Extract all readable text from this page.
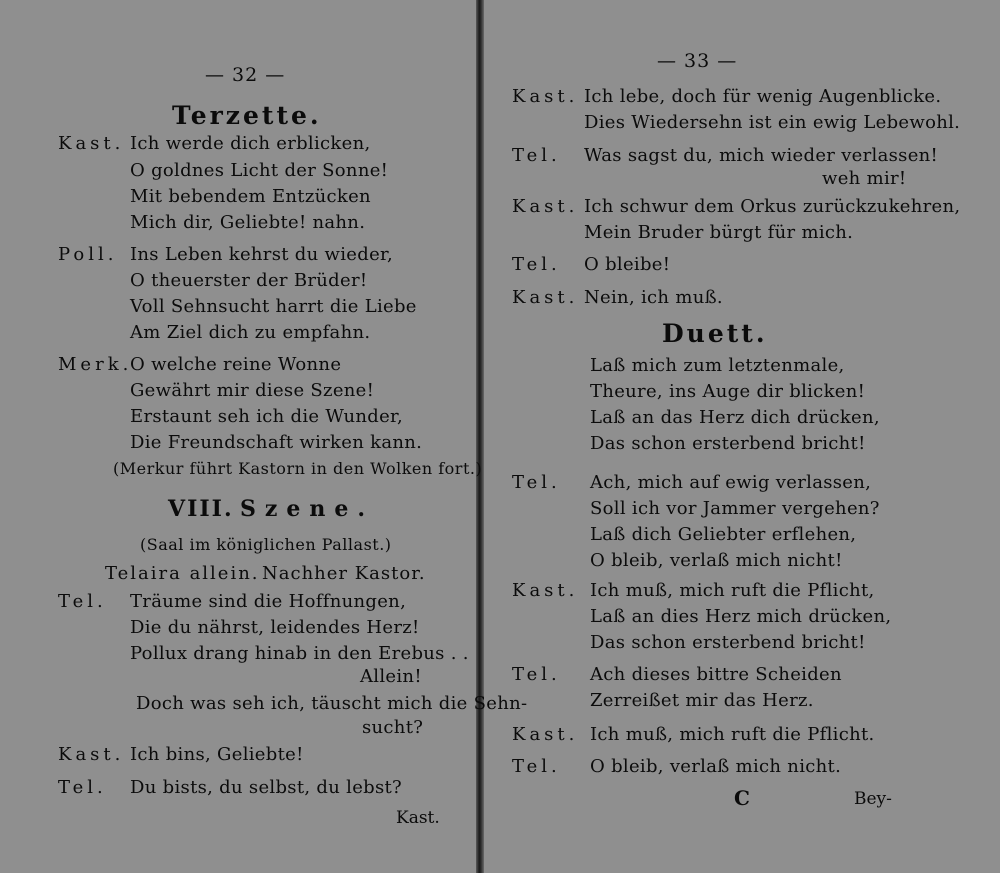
— 32 —
Terzette.
Kast. Ich werde dich erblicken,
O goldnes Licht der Sonne!
Mit bebendem Entzücken
Mich dir, Geliebte! nahn.
Poll. Ins Leben kehrst du wieder,
O theuerster der Brüder!
Voll Sehnsucht harrt die Liebe
Am Ziel dich zu empfahn.
Merk.
O welche reine Wonne
Gewährt mir diese Szene!
Erstaunt seh ich die Wunder,
Die Freundschaft wirken kann.
(Merkur führt Kastorn in den Wolken fort.)
VIII. Szene.
(Saal im königlichen Pallast.)
Telaira allein. Nachher Kastor.
Tel. Träume sind die Hoffnungen,
Die du nährst, leidendes Herz!
Pollux drang hinab in den Erebus . .
Allein!
Doch was seh ich, täuscht mich die Sehn-
sucht?
Kast. Ich bins, Geliebte!
Tel. Du bists, du selbst, du lebst?
Kast.
— 33 —
Kast. Ich lebe, doch für wenig Augenblicke.
Dies Wiedersehn ist ein ewig Lebewohl.
Tel. Was sagst du, mich wieder verlassen!
weh mir!
Kast. Ich schwur dem Orkus zurückzukehren,
Mein Bruder bürgt für mich.
Tel. O bleibe!
Kast. Nein, ich muß.
Duett.
Laß mich zum letztenmale,
Theure, ins Auge dir blicken!
Laß an das Herz dich drücken,
Das schon ersterbend bricht!
Tel. Ach, mich auf ewig verlassen,
Soll ich vor Jammer vergehen?
Laß dich Geliebter erflehen,
O bleib, verlaß mich nicht!
Kast. Ich muß, mich ruft die Pflicht,
Laß an dies Herz mich drücken,
Das schon ersterbend bricht!
Tel. Ach dieses bittre Scheiden
Zerreißet mir das Herz.
Kast. Ich muß, mich ruft die Pflicht.
Tel. O bleib, verlaß mich nicht.
C	Bey-
